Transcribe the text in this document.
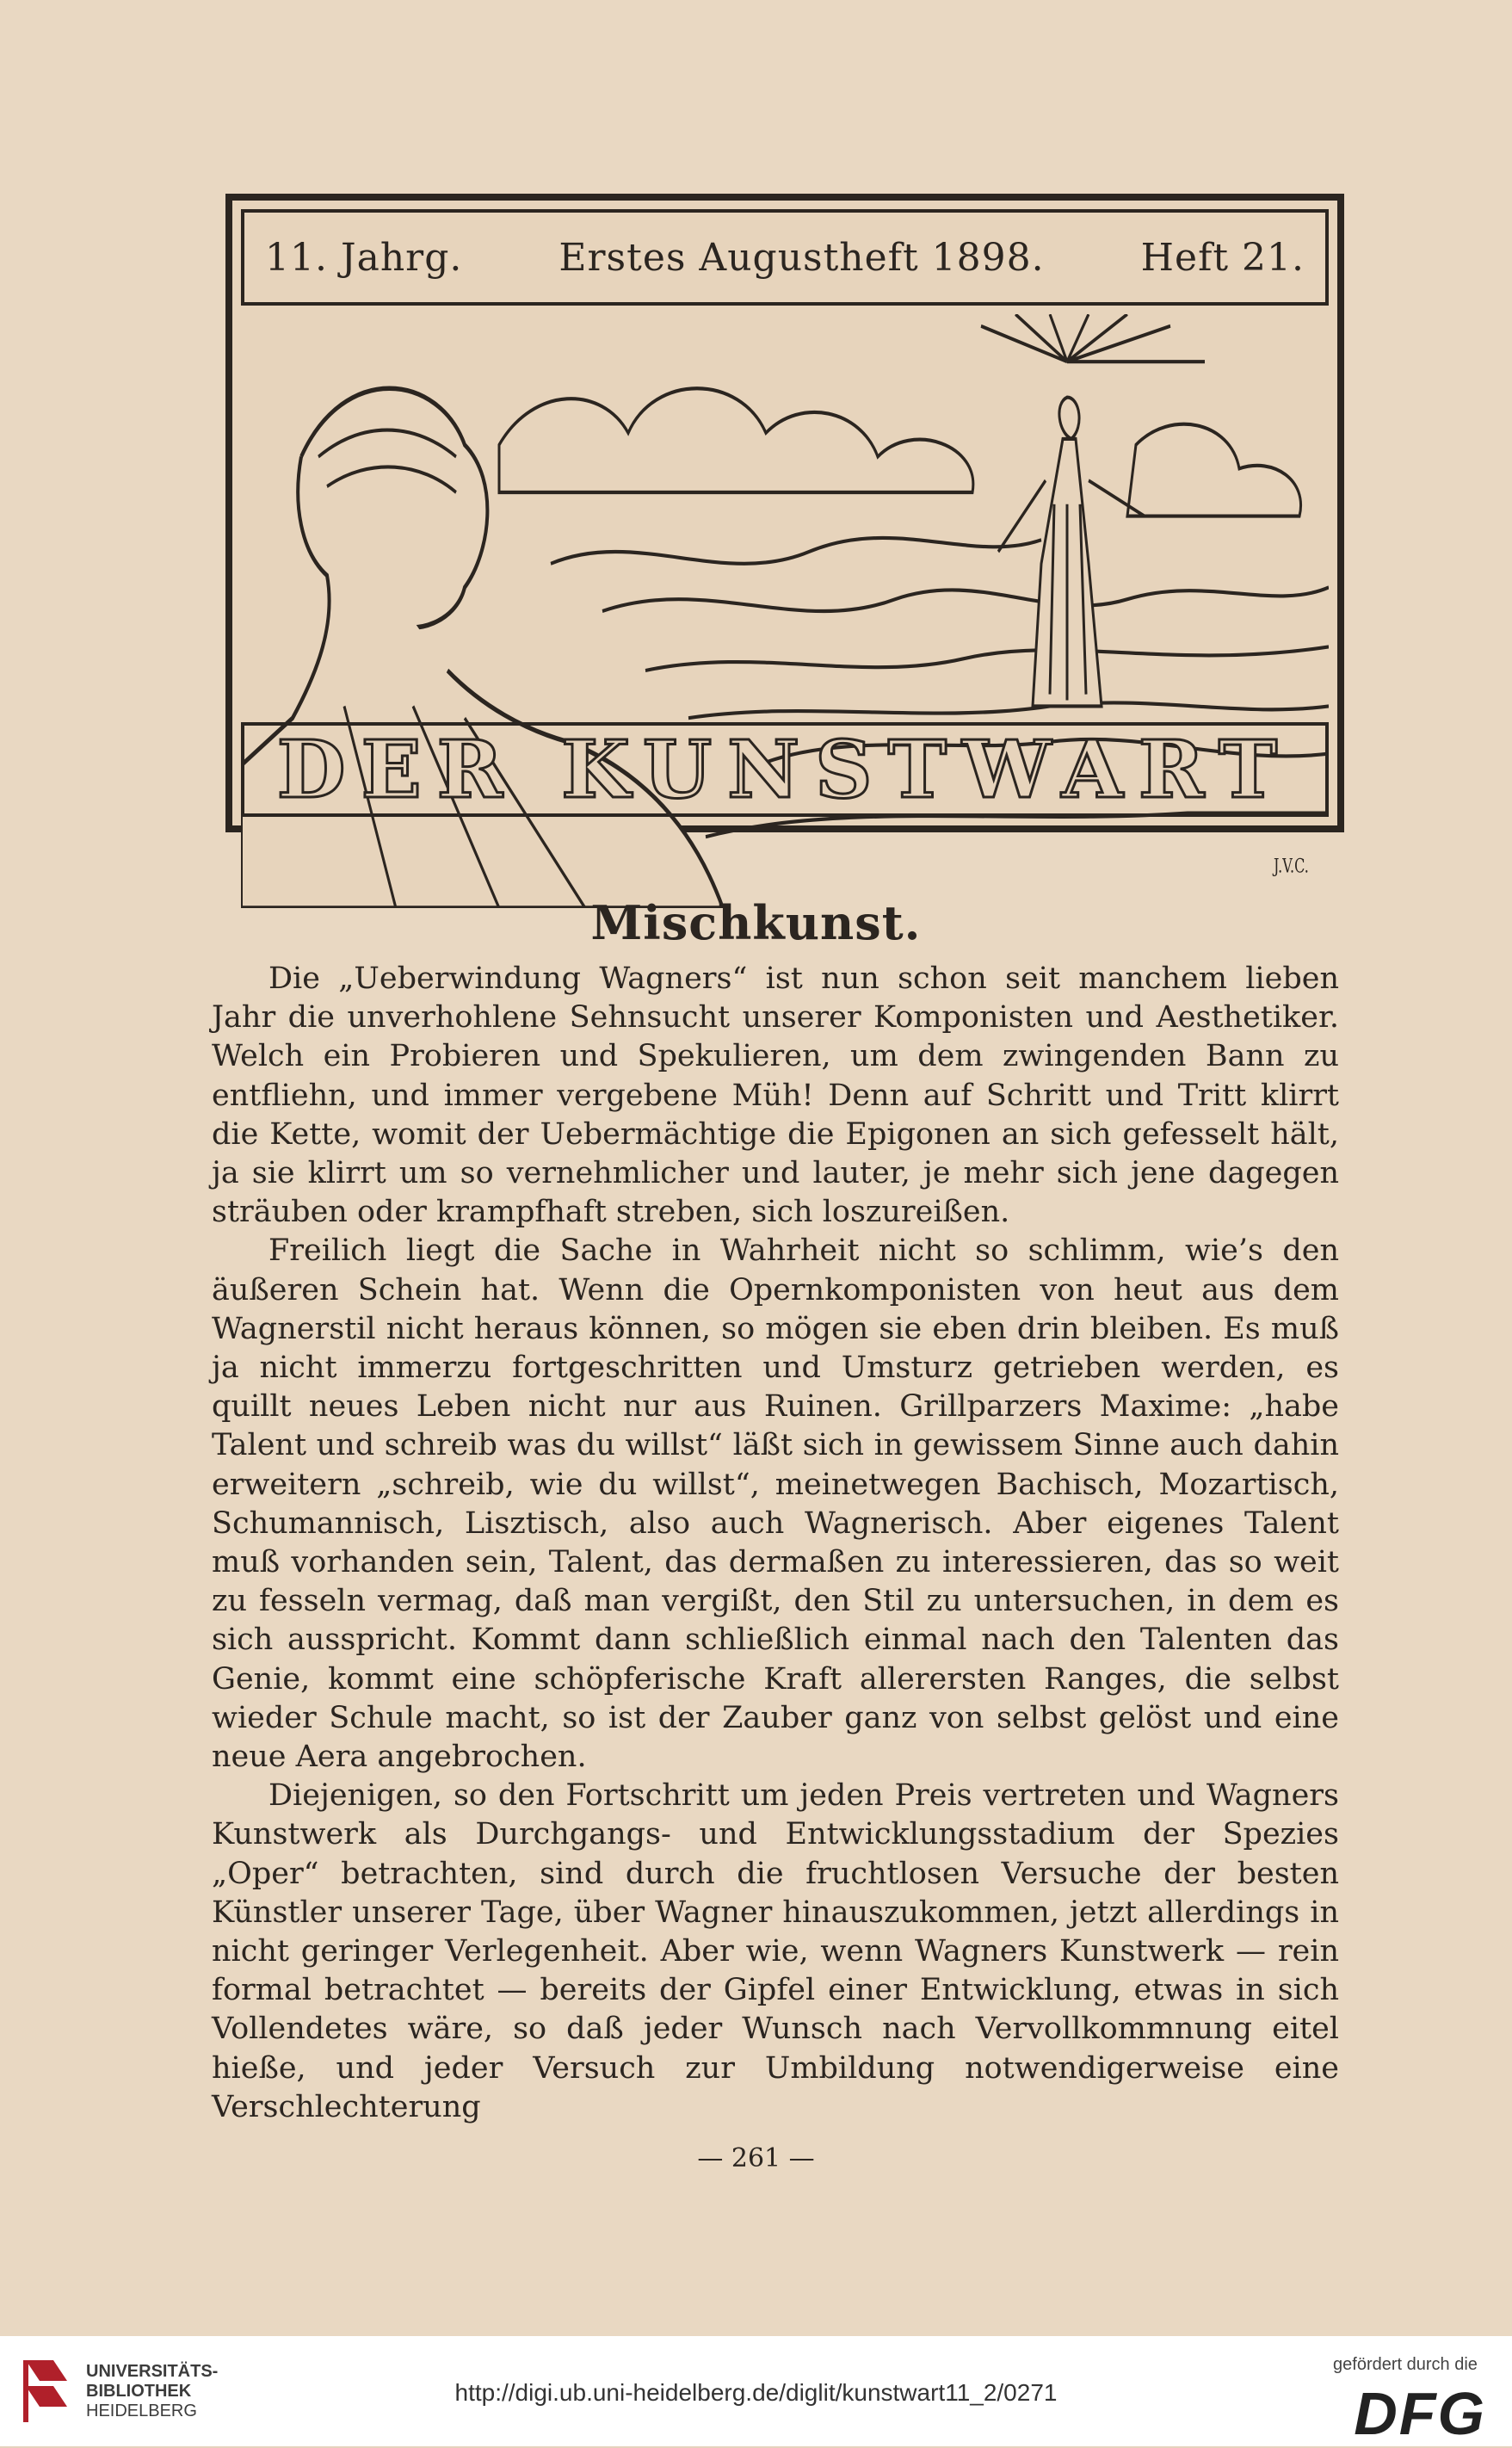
11. Jahrg.	Erstes Augustheft 1898.	Heft 21.
J.V.C.
DER KUNSTWART
Mischkunst.

Die „Ueberwindung Wagners“ ist nun schon seit manchem lieben Jahr die unverhohlene Sehnsucht unserer Komponisten und Aesthetiker. Welch ein Probieren und Spekulieren, um dem zwingenden Bann zu entfliehn, und immer vergebene Müh! Denn auf Schritt und Tritt klirrt die Kette, womit der Uebermächtige die Epigonen an sich gefesselt hält, ja sie klirrt um so vernehmlicher und lauter, je mehr sich jene dagegen sträuben oder krampfhaft streben, sich loszureißen.

Freilich liegt die Sache in Wahrheit nicht so schlimm, wie’s den äußeren Schein hat. Wenn die Opernkomponisten von heut aus dem Wagnerstil nicht heraus können, so mögen sie eben drin bleiben. Es muß ja nicht immerzu fortgeschritten und Umsturz getrieben werden, es quillt neues Leben nicht nur aus Ruinen. Grillparzers Maxime: „habe Talent und schreib was du willst“ läßt sich in gewissem Sinne auch dahin erweitern „schreib, wie du willst“, meinetwegen Bachisch, Mozartisch, Schumannisch, Lisztisch, also auch Wagnerisch. Aber eigenes Talent muß vorhanden sein, Talent, das dermaßen zu interessieren, das so weit zu fesseln vermag, daß man vergißt, den Stil zu untersuchen, in dem es sich ausspricht. Kommt dann schließlich einmal nach den Talenten das Genie, kommt eine schöpferische Kraft allerersten Ranges, die selbst wieder Schule macht, so ist der Zauber ganz von selbst gelöst und eine neue Aera angebrochen.

Diejenigen, so den Fortschritt um jeden Preis vertreten und Wagners Kunstwerk als Durchgangs- und Entwicklungsstadium der Spezies „Oper“ betrachten, sind durch die fruchtlosen Versuche der besten Künstler unserer Tage, über Wagner hinauszukommen, jetzt allerdings in nicht geringer Verlegenheit. Aber wie, wenn Wagners Kunstwerk — rein formal betrachtet — bereits der Gipfel einer Entwicklung, etwas in sich Vollendetes wäre, so daß jeder Wunsch nach Vervollkommnung eitel hieße, und jeder Versuch zur Umbildung notwendigerweise eine Verschlechterung

— 261 —
UNIVERSITÄTS-
BIBLIOTHEK
HEIDELBERG
http://digi.ub.uni-heidelberg.de/diglit/kunstwart11_2/0271
gefördert durch die
DFG
